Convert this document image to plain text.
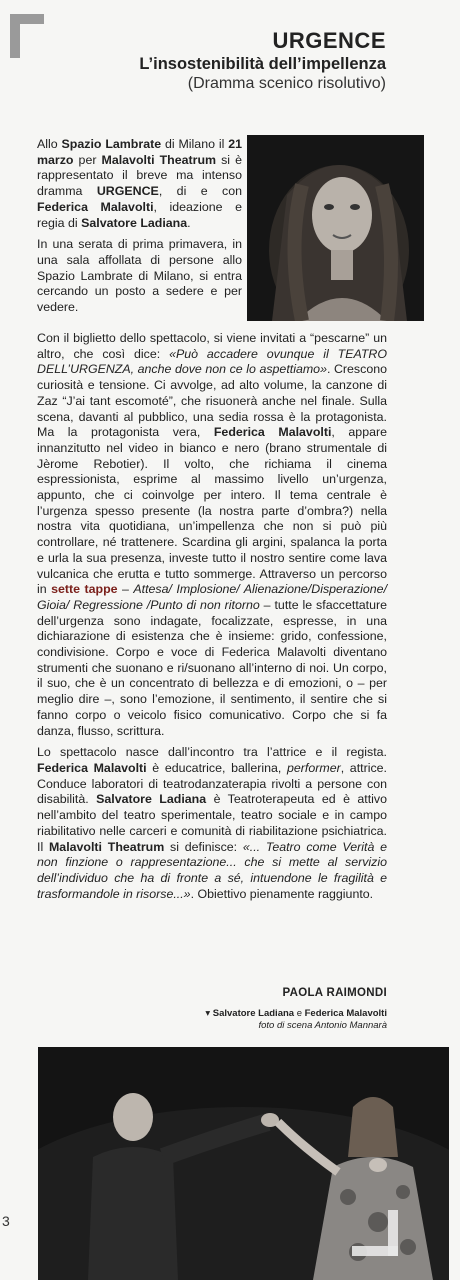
URGENCE
L’insostenibilità dell’impellenza
(Dramma scenico risolutivo)

Allo Spazio Lambrate di Milano il 21 marzo per Malavolti Theatrum si è rappresentato il breve ma intenso dramma URGENCE, di e con Federica Malavolti, ideazione e regia di Salvatore Ladiana.

In una serata di prima primavera, in una sala affollata di persone allo Spazio Lambrate di Milano, si entra cercando un posto a sedere e per vedere.

Con il biglietto dello spettacolo, si viene invitati a “pescarne” un altro, che così dice: «Può accadere ovunque il TEATRO DELL’URGENZA, anche dove non ce lo aspettiamo». Crescono curiosità e tensione. Ci avvolge, ad alto volume, la canzone di Zaz “J’ai tant escomoté”, che risuonerà anche nel finale. Sulla scena, davanti al pubblico, una sedia rossa è la protagonista. Ma la protagonista vera, Federica Malavolti, appare innanzitutto nel video in bianco e nero (brano strumentale di Jèrome Rebotier). Il volto, che richiama il cinema espressionista, esprime al massimo livello un’urgenza, appunto, che ci coinvolge per intero. Il tema centrale è l’urgenza spesso presente (la nostra parte d’ombra?) nella nostra vita quotidiana, un’impellenza che non si può più controllare, né trattenere. Scardina gli argini, spalanca la porta e urla la sua presenza, investe tutto il nostro sentire come lava vulcanica che erutta e tutto sommerge. Attraverso un percorso in sette tappe – Attesa/ Implosione/ Alienazione/Disperazione/ Gioia/ Regressione /Punto di non ritorno – tutte le sfaccettature dell’urgenza sono indagate, focalizzate, espresse, in una dichiarazione di esistenza che è insieme: grido, confessione, condivisione. Corpo e voce di Federica Malavolti diventano strumenti che suonano e ri/suonano all’interno di noi. Un corpo, il suo, che è un concentrato di bellezza e di emozioni, o – per meglio dire –, sono l’emozione, il sentimento, il sentire che si fanno corpo o veicolo fisico comunicativo. Corpo che si fa danza, flusso, scrittura.

Lo spettacolo nasce dall’incontro tra l’attrice e il regista. Federica Malavolti è educatrice, ballerina, performer, attrice. Conduce laboratori di teatrodanzaterapia rivolti a persone con disabilità. Salvatore Ladiana è Teatroterapeuta ed è attivo nell’ambito del teatro sperimentale, teatro sociale e in campo riabilitativo nelle carceri e comunità di riabilitazione psichiatrica. Il Malavolti Theatrum si definisce: «... Teatro come Verità e non finzione o rappresentazione... che si mette al servizio dell’individuo che ha di fronte a sé, intuendone le fragilità e trasformandole in risorse...». Obiettivo pienamente raggiunto.

PAOLA RAIMONDI
▾ Salvatore Ladiana e Federica Malavolti
foto di scena Antonio Mannarà
3
